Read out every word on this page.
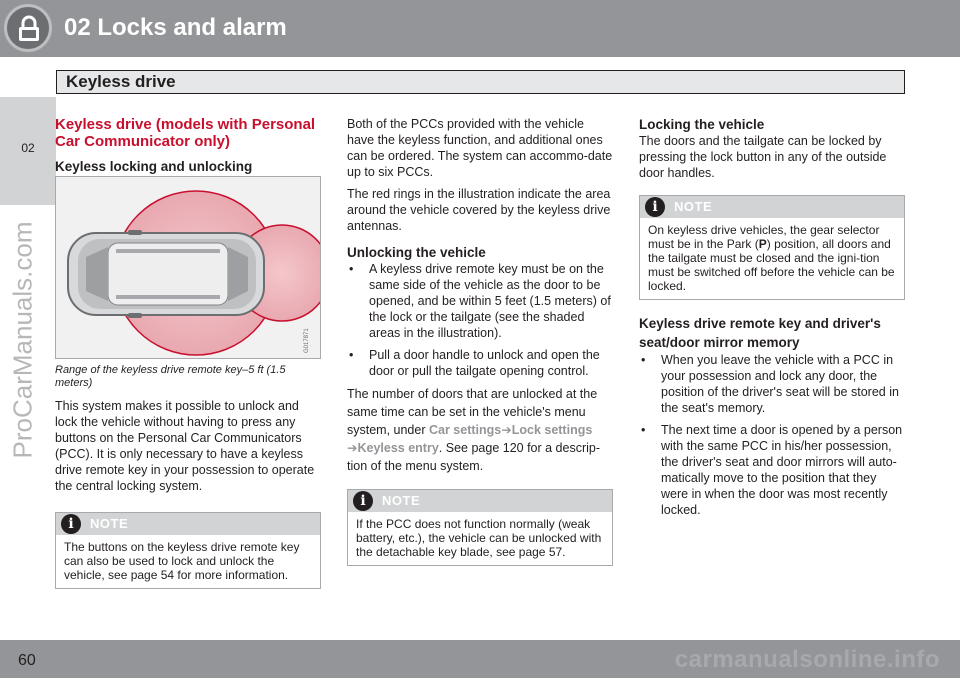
02 Locks and alarm
Keyless drive
02
ProCarManuals.com
Keyless drive (models with Personal Car Communicator only)
Keyless locking and unlocking
G017871
Range of the keyless drive remote key–5 ft (1.5 meters)

This system makes it possible to unlock and lock the vehicle without having to press any buttons on the Personal Car Communicators (PCC). It is only necessary to have a keyless drive remote key in your possession to operate the central locking system.

i	NOTE
The buttons on the keyless drive remote key can also be used to lock and unlock the vehicle, see page 54 for more information.

Both of the PCCs provided with the vehicle have the keyless function, and additional ones can be ordered. The system can accommo-date up to six PCCs.

The red rings in the illustration indicate the area around the vehicle covered by the keyless drive antennas.

Unlocking the vehicle
• A keyless drive remote key must be on the same side of the vehicle as the door to be opened, and be within 5 feet (1.5 meters) of the lock or the tailgate (see the shaded areas in the illustration).
• Pull a door handle to unlock and open the door or pull the tailgate opening control.

The number of doors that are unlocked at the same time can be set in the vehicle's menu system, under Car settings➔Lock settings
➔Keyless entry. See page 120 for a descrip-tion of the menu system.

i	NOTE
If the PCC does not function normally (weak battery, etc.), the vehicle can be unlocked with the detachable key blade, see page 57.
Locking the vehicle

The doors and the tailgate can be locked by pressing the lock button in any of the outside door handles.

i	NOTE
On keyless drive vehicles, the gear selector must be in the Park (P) position, all doors and the tailgate must be closed and the igni-tion must be switched off before the vehicle can be locked.
Keyless drive remote key and driver's seat/door mirror memory
• When you leave the vehicle with a PCC in your possession and lock any door, the position of the driver's seat will be stored in the seat's memory.
• The next time a door is opened by a person with the same PCC in his/her possession, the driver's seat and door mirrors will auto-matically move to the position that they were in when the door was most recently locked.
60	carmanualsonline.info
